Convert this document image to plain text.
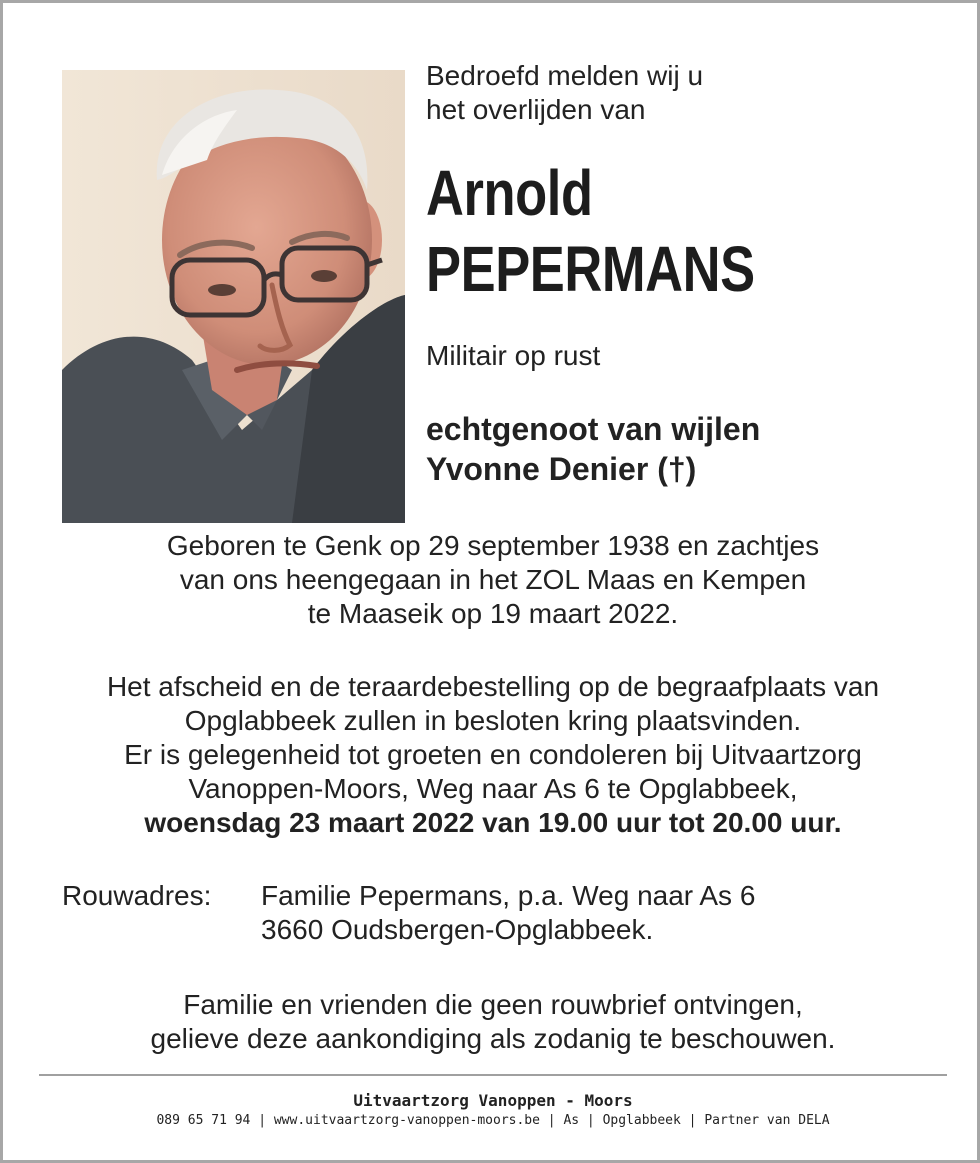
Bedroefd melden wij u
het overlijden van
Arnold
PEPERMANS
Militair op rust
echtgenoot van wijlen
Yvonne Denier (†)
Geboren te Genk op 29 september 1938 en zachtjes
van ons heengegaan in het ZOL Maas en Kempen
te Maaseik op 19 maart 2022.
Het afscheid en de teraardebestelling op de begraafplaats van
Opglabbeek zullen in besloten kring plaatsvinden.
Er is gelegenheid tot groeten en condoleren bij Uitvaartzorg
Vanoppen-Moors, Weg naar As 6 te Opglabbeek,
woensdag 23 maart 2022 van 19.00 uur tot 20.00 uur.
Rouwadres: Familie Pepermans, p.a. Weg naar As 6
3660 Oudsbergen-Opglabbeek.
Familie en vrienden die geen rouwbrief ontvingen,
gelieve deze aankondiging als zodanig te beschouwen.
Uitvaartzorg Vanoppen - Moors
089 65 71 94 | www.uitvaartzorg-vanoppen-moors.be | As | Opglabbeek | Partner van DELA
